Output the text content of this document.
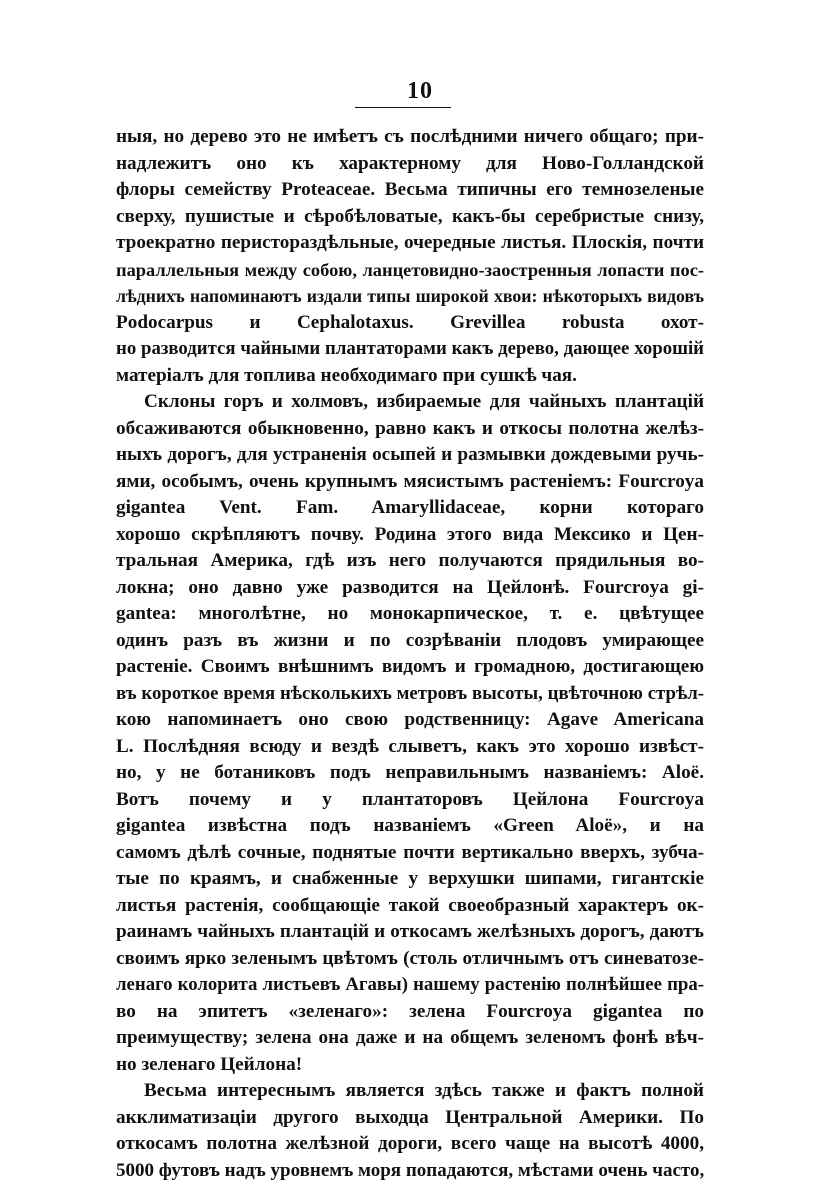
10
ныя, но дерево это не имѣетъ съ послѣдними ничего общаго; при-
надлежитъ оно къ характерному для Ново-Голландской
флоры семейству Proteaceae. Весьма типичны его темнозеленые
сверху, пушистые и сѣробѣловатые, какъ-бы серебристые снизу,
троекратно перистораздѣльные, очередные листья. Плоскія, почти
параллельныя между собою, ланцетовидно-заостренныя лопасти пос-
лѣднихъ напоминаютъ издали типы широкой хвои: нѣкоторыхъ видовъ
Podocarpus и Cephalotaxus. Grevillea robusta охот-
но разводится чайными плантаторами какъ дерево, дающее хорошій
матеріалъ для топлива необходимаго при сушкѣ чая.
Склоны горъ и холмовъ, избираемые для чайныхъ плантацій
обсаживаются обыкновенно, равно какъ и откосы полотна желѣз-
ныхъ дорогъ, для устраненія осыпей и размывки дождевыми ручь-
ями, особымъ, очень крупнымъ мясистымъ растеніемъ: Fourcroya
gigantea Vent. Fam. Amaryllidaceae, корни котораго
хорошо скрѣпляютъ почву. Родина этого вида Мексико и Цен-
тральная Америка, гдѣ изъ него получаются прядильныя во-
локна; оно давно уже разводится на Цейлонѣ. Fourcroya gi-
gantea: многолѣтне, но монокарпическое, т. е. цвѣтущее
одинъ разъ въ жизни и по созрѣваніи плодовъ умирающее
растеніе. Своимъ внѣшнимъ видомъ и громадною, достигающею
въ короткое время нѣсколькихъ метровъ высоты, цвѣточною стрѣл-
кою напоминаетъ оно свою родственницу: Agave Americana
L. Послѣдняя всюду и вездѣ слыветъ, какъ это хорошо извѣст-
но, у не ботаниковъ подъ неправильнымъ названіемъ: Aloë.
Вотъ почему и у плантаторовъ Цейлона Fourcroya
gigantea извѣстна подъ названіемъ «Green Aloë», и на
самомъ дѣлѣ сочные, поднятые почти вертикально вверхъ, зубча-
тые по краямъ, и снабженные у верхушки шипами, гигантскіе
листья растенія, сообщающіе такой своеобразный характеръ ок-
раинамъ чайныхъ плантацій и откосамъ желѣзныхъ дорогъ, даютъ
своимъ ярко зеленымъ цвѣтомъ (столь отличнымъ отъ синеватозе-
ленаго колорита листьевъ Агавы) нашему растенію полнѣйшее пра-
во на эпитетъ «зеленаго»: зелена Fourcroya gigantea по
преимуществу; зелена она даже и на общемъ зеленомъ фонѣ вѣч-
но зеленаго Цейлона!
Весьма интереснымъ является здѣсь также и фактъ полной
акклиматизаціи другого выходца Центральной Америки. По
откосамъ полотна желѣзной дороги, всего чаще на высотѣ 4000,
5000 футовъ надъ уровнемъ моря попадаются, мѣстами очень часто,
